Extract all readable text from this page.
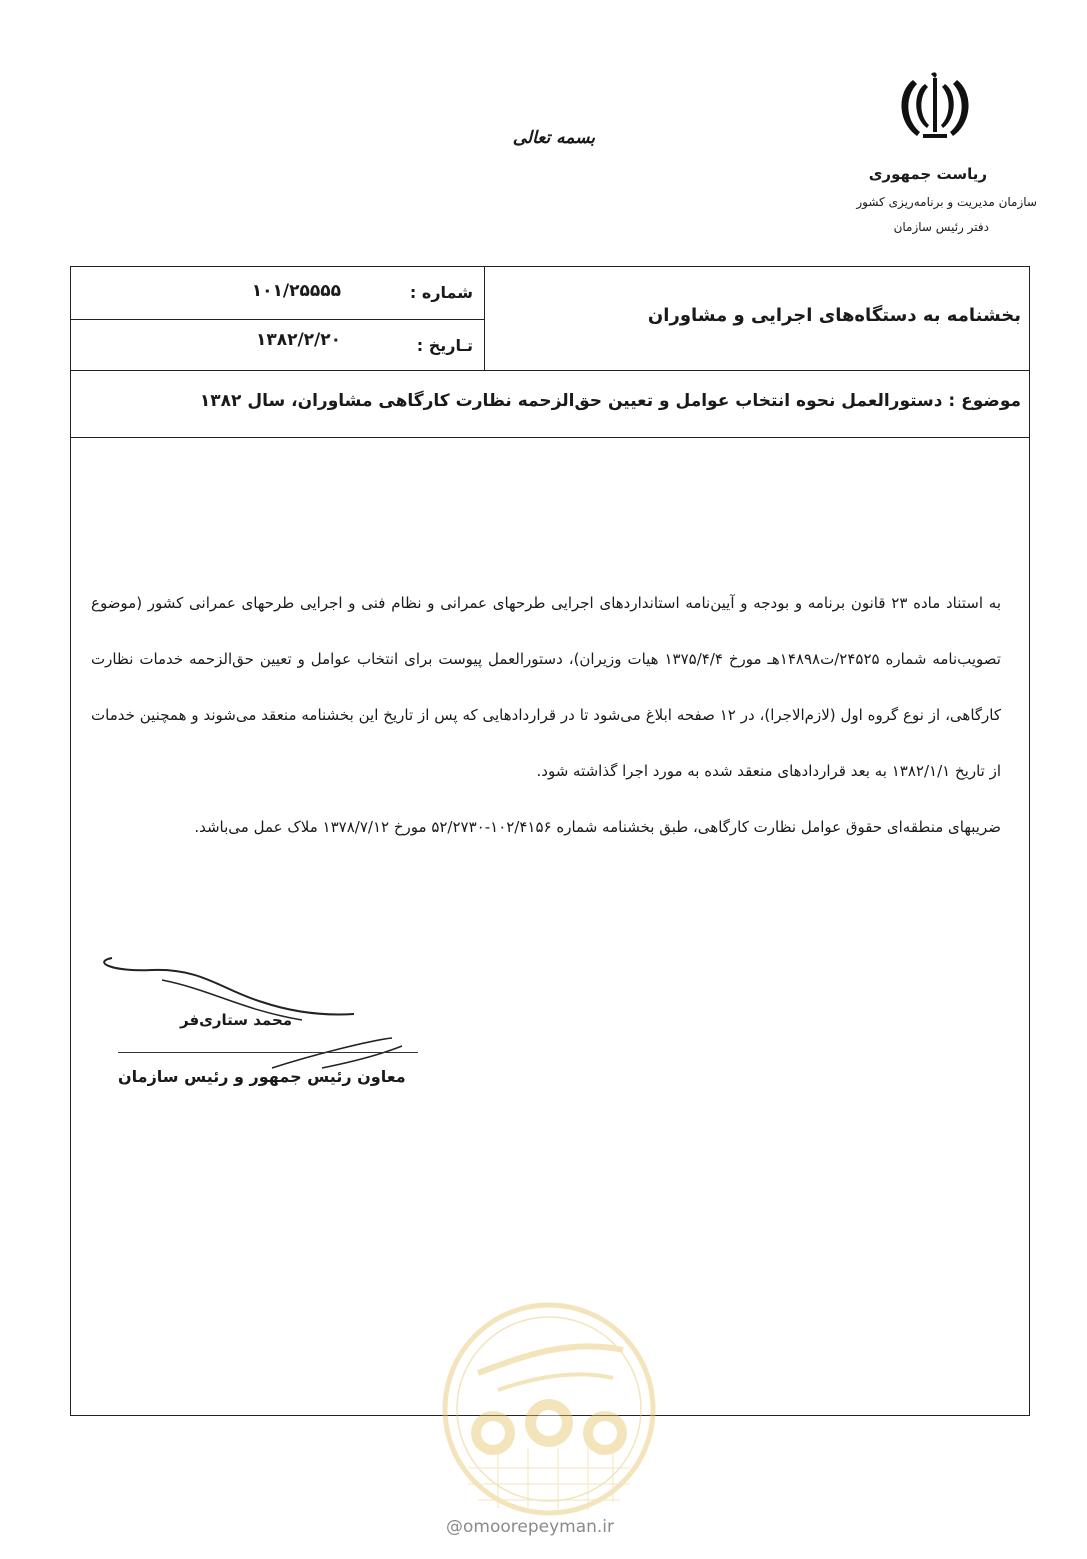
بسمه تعالی
ریاست جمهوری
سازمان مدیریت و برنامه‌ریزی کشور
دفتر رئیس سازمان
شماره :
۱۰۱/۲۵۵۵۵
تـاریخ :
۱۳۸۲/۲/۲۰
بخشنامه به دستگاه‌های اجرایی و مشاوران
موضوع : دستورالعمل نحوه انتخاب عوامل و تعیین حق‌الزحمه نظارت کارگاهی مشاوران، سال ۱۳۸۲

به استناد ماده ۲۳ قانون برنامه و بودجه و آیین‌نامه استانداردهای اجرایی طرحهای عمرانی و نظام فنی و اجرایی طرحهای عمرانی کشور (موضوع تصویب‌نامه شماره ۲۴۵۲۵/ت۱۴۸۹۸هـ مورخ ۱۳۷۵/۴/۴ هیات وزیران)، دستورالعمل پیوست برای انتخاب عوامل و تعیین حق‌الزحمه خدمات نظارت کارگاهی، از نوع گروه اول (لازم‌الاجرا)، در ۱۲ صفحه ابلاغ می‌شود تا در قراردادهایی که پس از تاریخ این بخشنامه منعقد می‌شوند و همچنین خدمات از تاریخ ۱۳۸۲/۱/۱ به بعد قراردادهای منعقد شده به مورد اجرا گذاشته شود.

ضریبهای منطقه‌ای حقوق عوامل نظارت کارگاهی، طبق بخشنامه شماره ۱۰۲/۴۱۵۶-۵۲/۲۷۳۰ مورخ ۱۳۷۸/۷/۱۲ ملاک عمل می‌باشد.

محمد ستاری‌فر
معاون رئیس جمهور و رئیس سازمان
@omoorepeyman.ir
